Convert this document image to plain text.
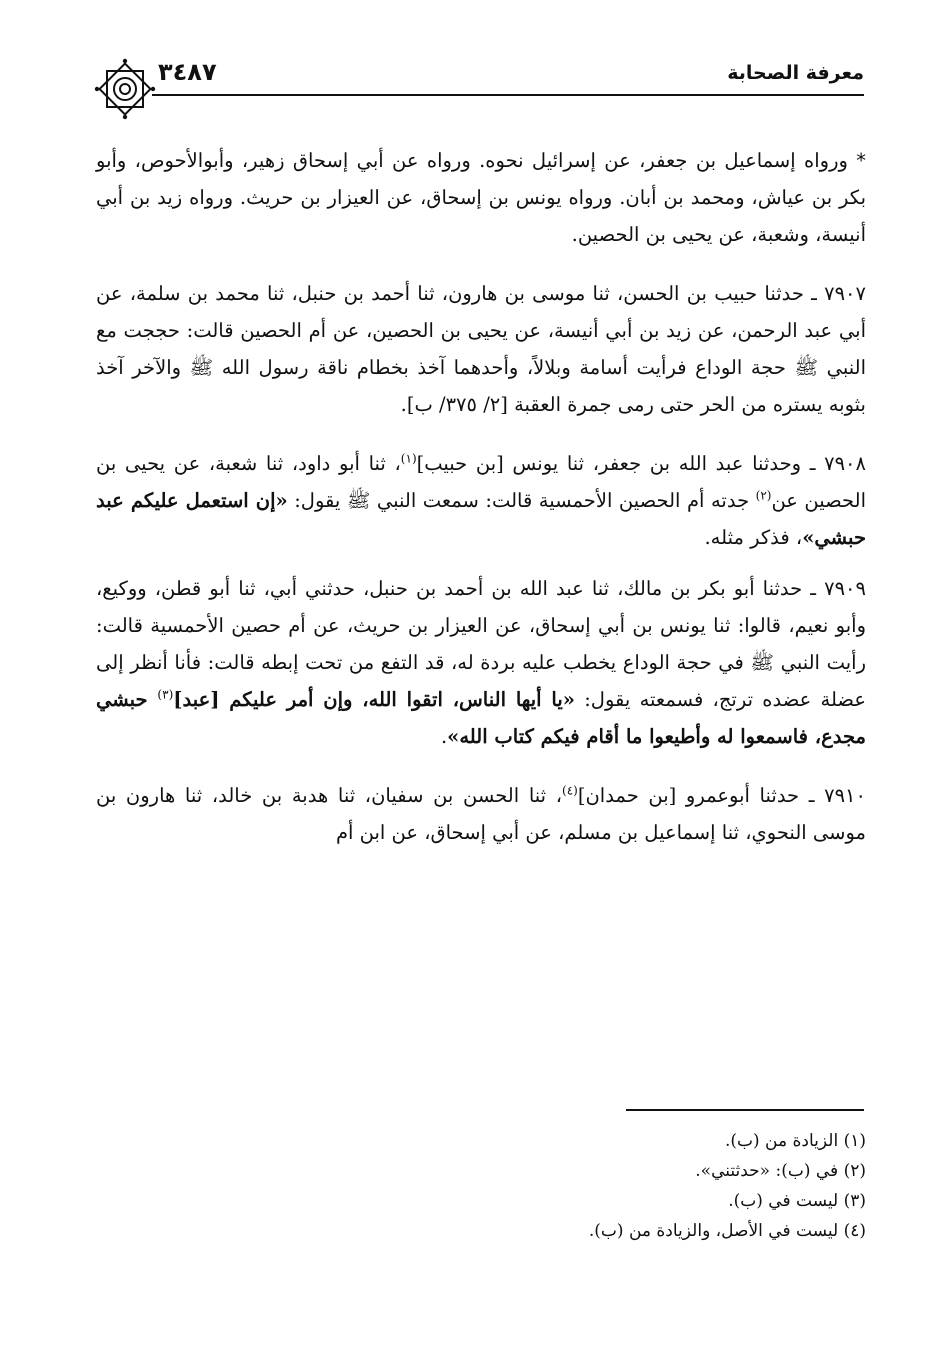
معرفة الصحابة
٣٤٨٧

* ورواه إسماعيل بن جعفر، عن إسرائيل نحوه. ورواه عن أبي إسحاق زهير، وأبوالأحوص، وأبو بكر بن عياش، ومحمد بن أبان. ورواه يونس بن إسحاق، عن العيزار بن حريث. ورواه زيد بن أبي أنيسة، وشعبة، عن يحيى بن الحصين.

٧٩٠٧ ـ حدثنا حبيب بن الحسن، ثنا موسى بن هارون، ثنا أحمد بن حنبل، ثنا محمد بن سلمة، عن أبي عبد الرحمن، عن زيد بن أبي أنيسة، عن يحيى بن الحصين، عن أم الحصين قالت: حججت مع النبي ﷺ حجة الوداع فرأيت أسامة وبلالاً، وأحدهما آخذ بخطام ناقة رسول الله ﷺ والآخر آخذ بثوبه يستره من الحر حتى رمى جمرة العقبة [٢/ ٣٧٥/ ب].

٧٩٠٨ ـ وحدثنا عبد الله بن جعفر، ثنا يونس [بن حبيب]$^{(١)}$، ثنا أبو داود، ثنا شعبة، عن يحيى بن الحصين عن$^{(٢)}$ جدته أم الحصين الأحمسية قالت: سمعت النبي ﷺ يقول: «إن استعمل عليكم عبد حبشي»، فذكر مثله.

٧٩٠٩ ـ حدثنا أبو بكر بن مالك، ثنا عبد الله بن أحمد بن حنبل، حدثني أبي، ثنا أبو قطن، ووكيع، وأبو نعيم، قالوا: ثنا يونس بن أبي إسحاق، عن العيزار بن حريث، عن أم حصين الأحمسية قالت: رأيت النبي ﷺ في حجة الوداع يخطب عليه بردة له، قد التفع من تحت إبطه قالت: فأنا أنظر إلى عضلة عضده ترتج، فسمعته يقول: «يا أيها الناس، اتقوا الله، وإن أمر عليكم [عبد]$^{(٣)}$ حبشي مجدع، فاسمعوا له وأطيعوا ما أقام فيكم كتاب الله».

٧٩١٠ ـ حدثنا أبوعمرو [بن حمدان]$^{(٤)}$، ثنا الحسن بن سفيان، ثنا هدبة بن خالد، ثنا هارون بن موسى النحوي، ثنا إسماعيل بن مسلم، عن أبي إسحاق، عن ابن أم

(١) الزيادة من (ب).
(٢) في (ب): «حدثتني».
(٣) ليست في (ب).
(٤) ليست في الأصل، والزيادة من (ب).
